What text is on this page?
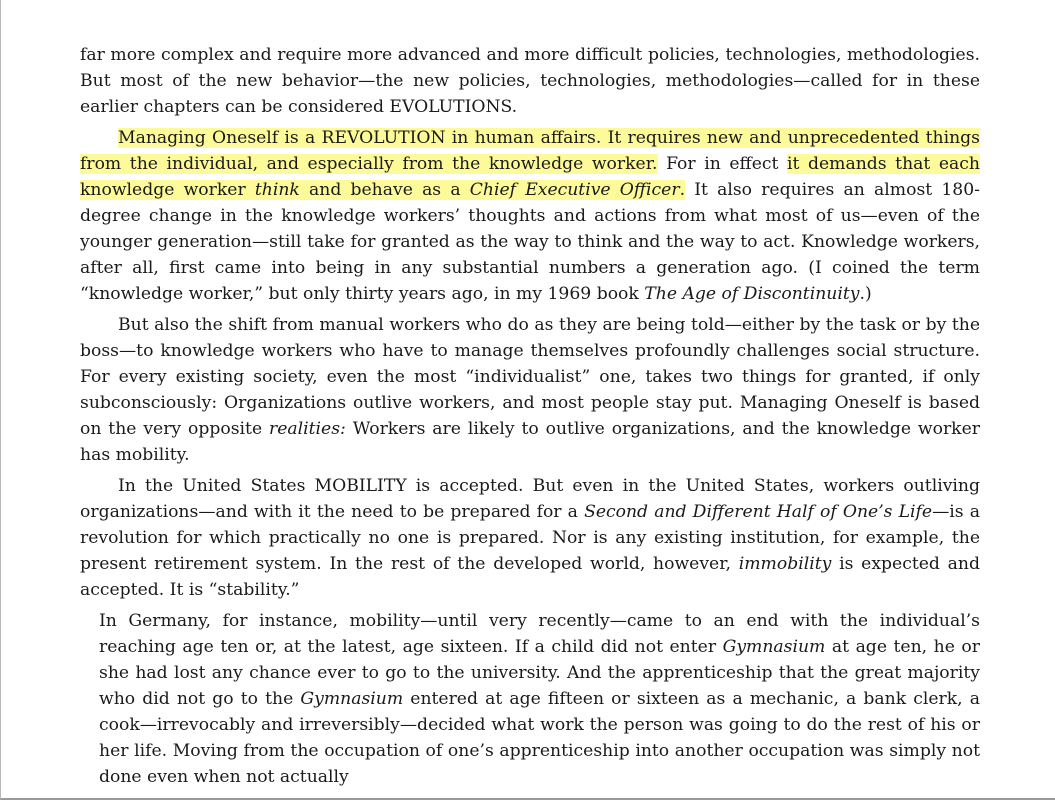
far more complex and require more advanced and more difficult policies, technologies, methodologies. But most of the new behavior—the new policies, technologies, methodologies—called for in these earlier chapters can be considered EVOLUTIONS.

Managing Oneself is a REVOLUTION in human affairs. It requires new and unprecedented things from the individual, and especially from the knowledge worker. For in effect it demands that each knowledge worker think and behave as a Chief Executive Officer. It also requires an almost 180-degree change in the knowledge workers’ thoughts and actions from what most of us—even of the younger generation—still take for granted as the way to think and the way to act. Knowledge workers, after all, first came into being in any substantial numbers a generation ago. (I coined the term “knowledge worker,” but only thirty years ago, in my 1969 book The Age of Discontinuity.)

But also the shift from manual workers who do as they are being told—either by the task or by the boss—to knowledge workers who have to manage themselves profoundly challenges social structure. For every existing society, even the most “individualist” one, takes two things for granted, if only subconsciously: Organizations outlive workers, and most people stay put. Managing Oneself is based on the very opposite realities: Workers are likely to outlive organizations, and the knowledge worker has mobility.

In the United States MOBILITY is accepted. But even in the United States, workers outliving organizations—and with it the need to be prepared for a Second and Different Half of One’s Life—is a revolution for which practically no one is prepared. Nor is any existing institution, for example, the present retirement system. In the rest of the developed world, however, immobility is expected and accepted. It is “stability.”

In Germany, for instance, mobility—until very recently—came to an end with the individual’s reaching age ten or, at the latest, age sixteen. If a child did not enter Gymnasium at age ten, he or she had lost any chance ever to go to the university. And the apprenticeship that the great majority who did not go to the Gymnasium entered at age fifteen or sixteen as a mechanic, a bank clerk, a cook—irrevocably and irreversibly—decided what work the person was going to do the rest of his or her life. Moving from the occupation of one’s apprenticeship into another occupation was simply not done even when not actually
